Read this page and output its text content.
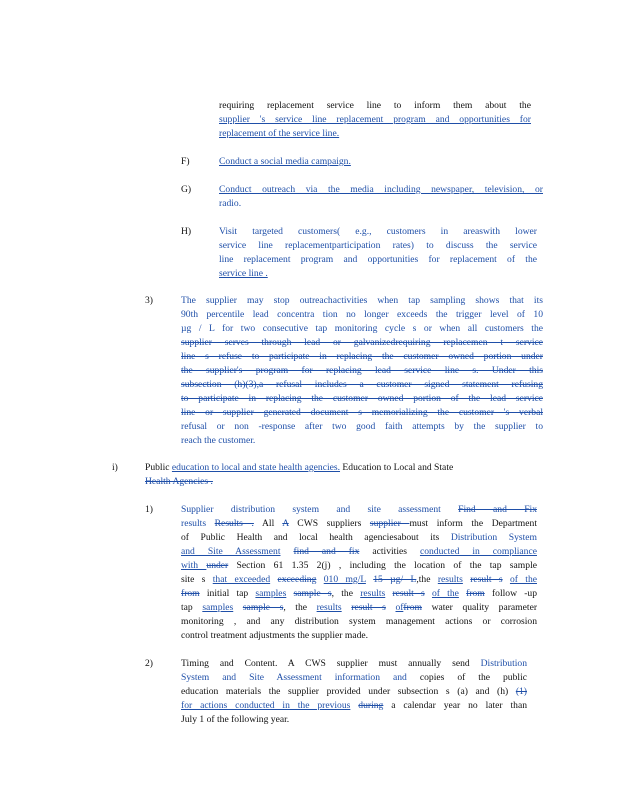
requiring replacement service line to inform them about the
supplier 's service line replacement program and opportunities for
replacement of the service line.
F)	Conduct a social media campaign.
G)	Conduct outreach via the media including newspaper, television, or
radio.
H)	Visit targeted customers( e.g., customers in areaswith lower
service line replacementparticipation rates) to discuss the service
line replacement program and opportunities for replacement of the
service line .
3)	The supplier may stop outreachactivities when tap sampling shows that its
90th percentile lead concentra tion no longer exceeds the trigger level of 10
µg / L for two consecutive tap monitoring cycle s or when all customers the
supplier serves through lead or galvanizedrequiring replacemen t service
line s refuse to participate in replacing the customer owned portion under
the supplier's program for replacing lead service line s. Under this
subsection (h)(3),a refusal includes a customer signed statement refusing
to participate in replacing the customer owned portion of the lead service
line or supplier generated document s memorializing the customer 's verbal
refusal or non -response after two good faith attempts by the supplier to
reach the customer.
i)	Public education to local and state health agencies. Education to Local and State
Health Agencies .
1)	Supplier distribution system and site assessment Find and Fix
results Results . All A CWS suppliers supplier must inform the Department
of Public Health and local health agenciesabout its Distribution System
and Site Assessment find and fix activities conducted in compliance
with under Section 61 1.35 2(j) , including the location of the tap sample
site s that exceeded exceeding 010 mg/L 15 µg/ L,the results result s of the
from initial tap samples sample s, the results result s of the from follow -up
tap samples sample s, the results result s offrom water quality parameter
monitoring , and any distribution system management actions or corrosion
control treatment adjustments the supplier made.
2)	Timing and Content. A CWS supplier must annually send Distribution
System and Site Assessment information and copies of the public
education materials the supplier provided under subsection s (a) and (h) (1)
for actions conducted in the previous during a calendar year no later than
July 1 of the following year.
